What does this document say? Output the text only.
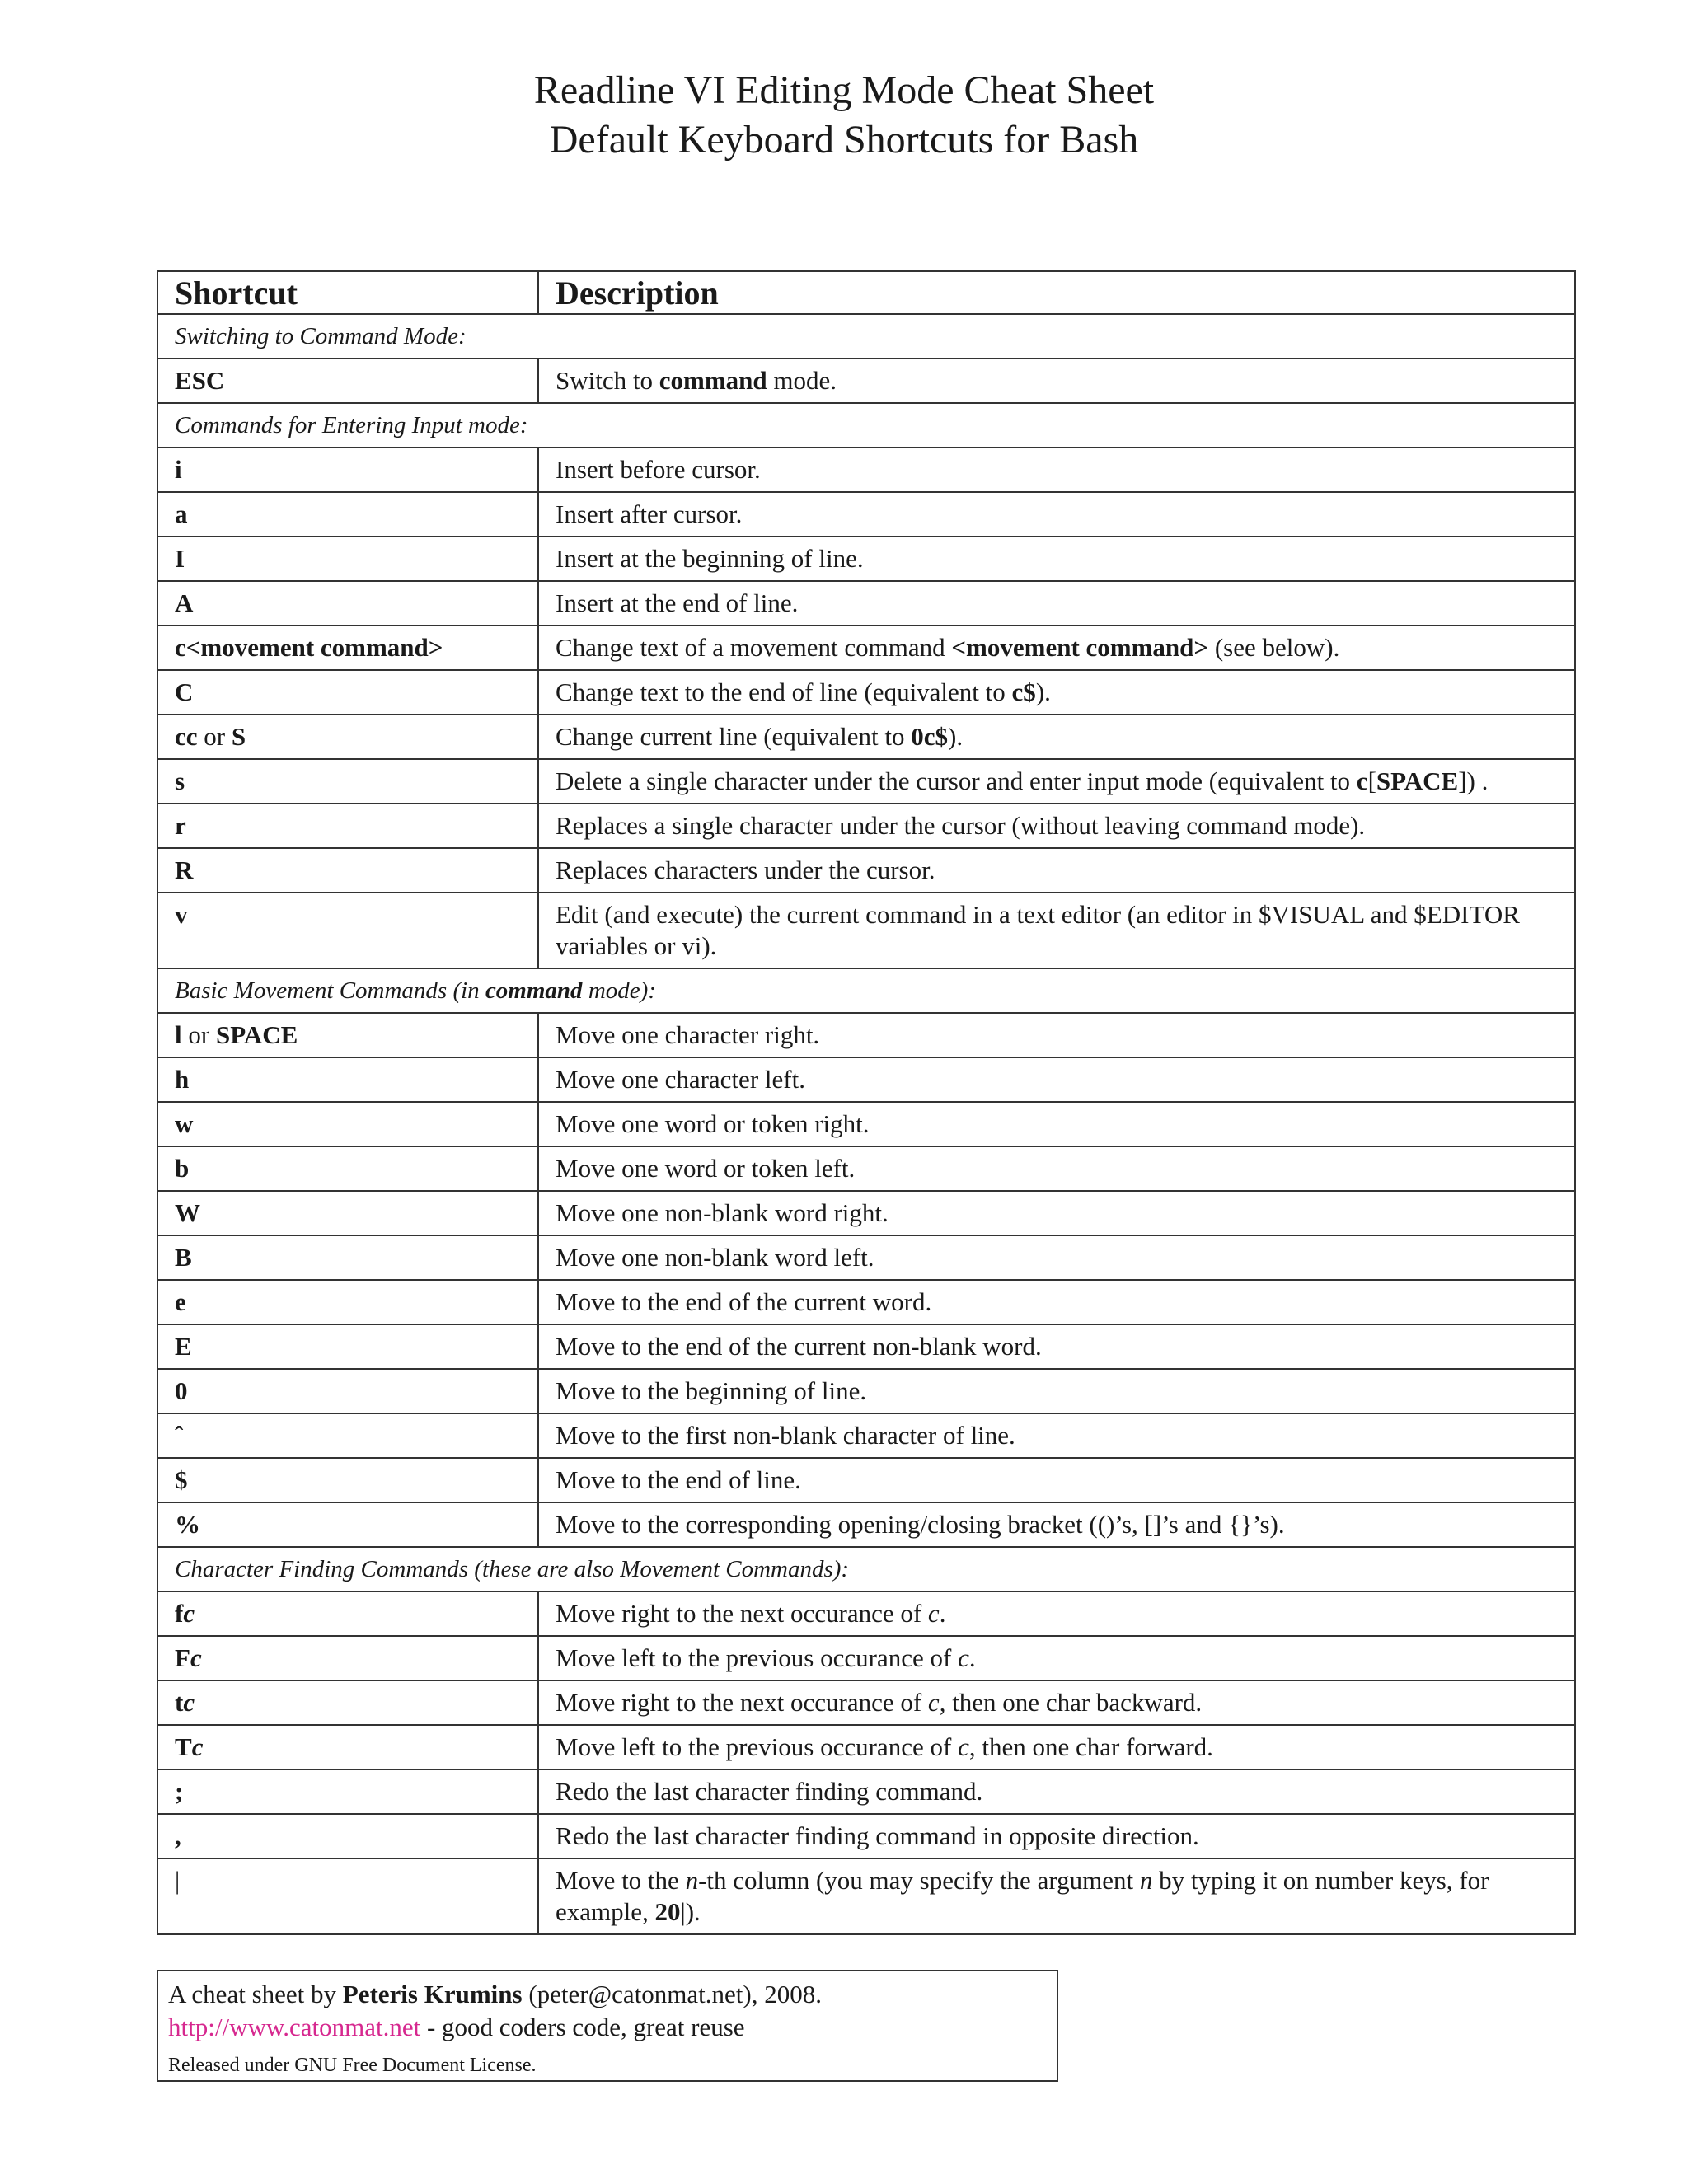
Readline VI Editing Mode Cheat Sheet
Default Keyboard Shortcuts for Bash
Shortcut	Description
Switching to Command Mode:	
ESC	Switch to command mode.
Commands for Entering Input mode:	
i	Insert before cursor.
a	Insert after cursor.
I	Insert at the beginning of line.
A	Insert at the end of line.
c<movement command>	Change text of a movement command <movement command> (see below).
C	Change text to the end of line (equivalent to c$).
cc or S	Change current line (equivalent to 0c$).
s	Delete a single character under the cursor and enter input mode (equivalent to c[SPACE]) .
r	Replaces a single character under the cursor (without leaving command mode).
R	Replaces characters under the cursor.
v	Edit (and execute) the current command in a text editor (an editor in $VISUAL and $EDITOR variables or vi).
Basic Movement Commands (in command mode):	
l or SPACE	Move one character right.
h	Move one character left.
w	Move one word or token right.
b	Move one word or token left.
W	Move one non-blank word right.
B	Move one non-blank word left.
e	Move to the end of the current word.
E	Move to the end of the current non-blank word.
0	Move to the beginning of line.
ˆ	Move to the first non-blank character of line.
$	Move to the end of line.
%	Move to the corresponding opening/closing bracket (()’s, []’s and {}’s).
Character Finding Commands (these are also Movement Commands):	
fc	Move right to the next occurance of c.
Fc	Move left to the previous occurance of c.
tc	Move right to the next occurance of c, then one char backward.
Tc	Move left to the previous occurance of c, then one char forward.
;	Redo the last character finding command.
,	Redo the last character finding command in opposite direction.
|	Move to the n-th column (you may specify the argument n by typing it on number keys, for example, 20|).
A cheat sheet by Peteris Krumins (peter@catonmat.net), 2008.
http://www.catonmat.net - good coders code, great reuse
Released under GNU Free Document License.
